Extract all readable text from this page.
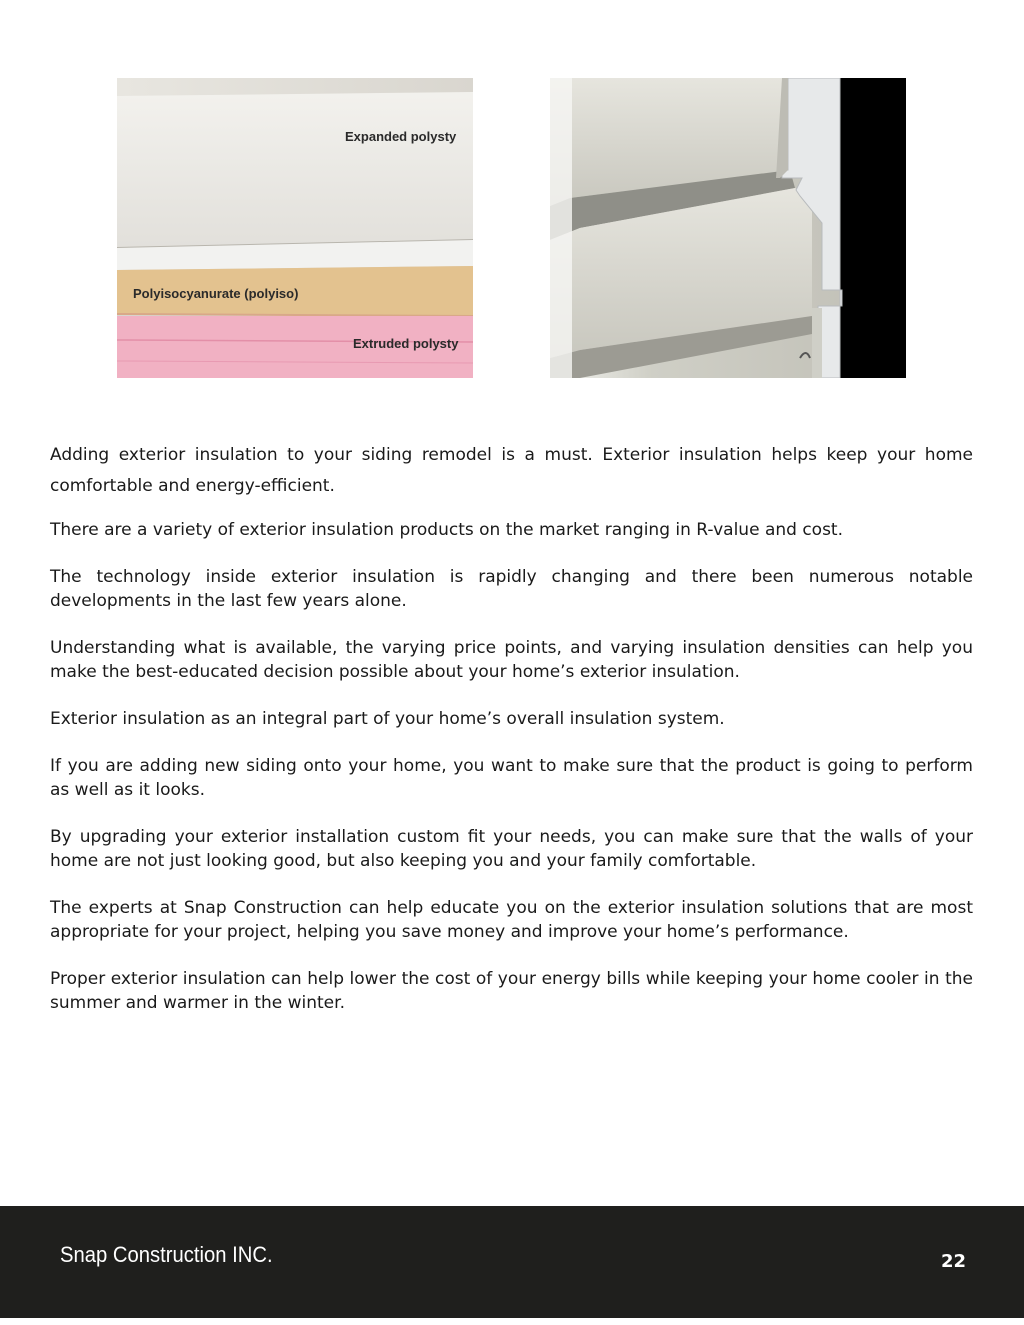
Expanded polysty
Polyisocyanurate (polyiso)
Extruded polysty

Adding exterior insulation to your siding remodel is a must. Exterior insulation helps keep your home comfortable and energy-efficient.

There are a variety of exterior insulation products on the market ranging in R-value and cost.

The technology inside exterior insulation is rapidly changing and there been numerous notable developments in the last few years alone.

Understanding what is available, the varying price points, and varying insulation densities can help you make the best-educated decision possible about your home’s exterior insulation.

Exterior insulation as an integral part of your home’s overall insulation system.

If you are adding new siding onto your home, you want to make sure that the product is going to perform as well as it looks.

By upgrading your exterior installation custom fit your needs, you can make sure that the walls of your home are not just looking good, but also keeping you and your family comfortable.

The experts at Snap Construction can help educate you on the exterior insulation solutions that are most appropriate for your project, helping you save money and improve your home’s performance.

Proper exterior insulation can help lower the cost of your energy bills while keeping your home cooler in the summer and warmer in the winter.

Snap Construction INC.	22
